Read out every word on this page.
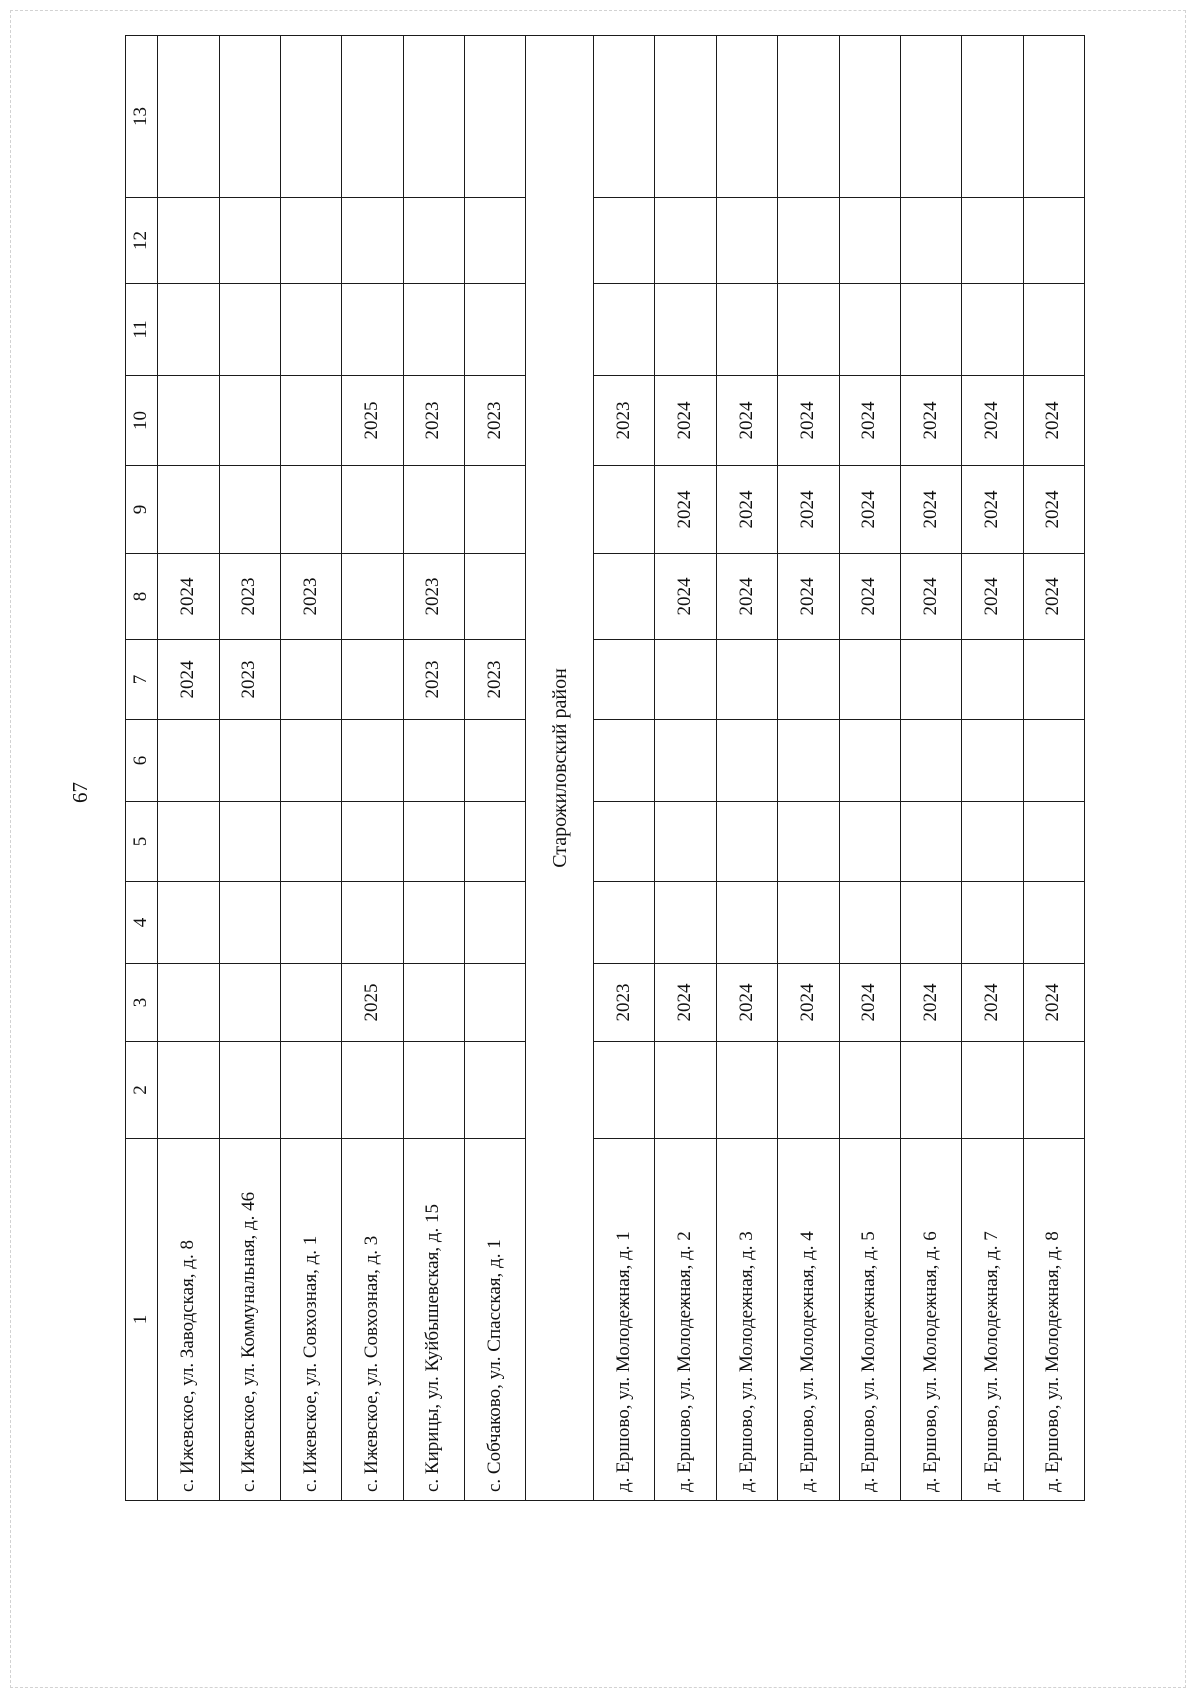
67
1	2	3	4	5	6	7	8	9	10	11	12	13
с. Ижевское, ул. Заводская, д. 8						2024	2024					
с. Ижевское, ул. Коммунальная, д. 46						2023	2023					
с. Ижевское, ул. Совхозная, д. 1							2023					
с. Ижевское, ул. Совхозная, д. 3		2025							2025			
с. Кирицы, ул. Куйбышевская, д. 15						2023	2023		2023			
с. Собчаково, ул. Спасская, д. 1						2023			2023			
Старожиловский район												
д. Ершово, ул. Молодежная, д. 1		2023							2023			
д. Ершово, ул. Молодежная, д. 2		2024					2024	2024	2024			
д. Ершово, ул. Молодежная, д. 3		2024					2024	2024	2024			
д. Ершово, ул. Молодежная, д. 4		2024					2024	2024	2024			
д. Ершово, ул. Молодежная, д. 5		2024					2024	2024	2024			
д. Ершово, ул. Молодежная, д. 6		2024					2024	2024	2024			
д. Ершово, ул. Молодежная, д. 7		2024					2024	2024	2024			
д. Ершово, ул. Молодежная, д. 8		2024					2024	2024	2024			
